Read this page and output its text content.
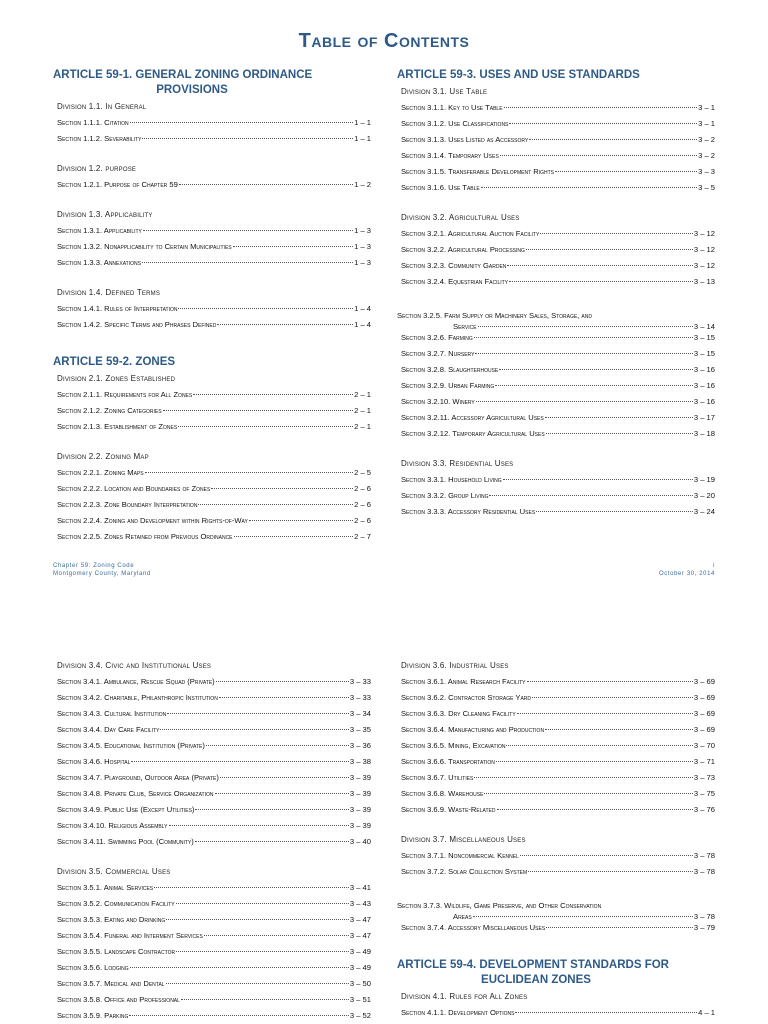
Table of Contents
ARTICLE 59-1. GENERAL ZONING ORDINANCE
PROVISIONS
Division 1.1. In General
Section 1.1.1. Citation	1 – 1
Section 1.1.2. Severability	1 – 1
Division 1.2. purpose
Section 1.2.1. Purpose of Chapter 59	1 – 2
Division 1.3. Applicability
Section 1.3.1. Applicability	1 – 3
Section 1.3.2. Nonapplicability to Certain Municipalities	1 – 3
Section 1.3.3. Annexations	1 – 3
Division 1.4. Defined Terms
Section 1.4.1. Rules of Interpretation	1 – 4
Section 1.4.2. Specific Terms and Phrases Defined	1 – 4
ARTICLE 59-2. ZONES
Division 2.1. Zones Established
Section 2.1.1. Requirements for All Zones	2 – 1
Section 2.1.2. Zoning Categories	2 – 1
Section 2.1.3. Establishment of Zones	2 – 1
Division 2.2. Zoning Map
Section 2.2.1. Zoning Maps	2 – 5
Section 2.2.2. Location and Boundaries of Zones	2 – 6
Section 2.2.3. Zone Boundary Interpretation	2 – 6
Section 2.2.4. Zoning and Development within Rights-of-Way	2 – 6
Section 2.2.5. Zones Retained from Previous Ordinance	2 – 7
ARTICLE 59-3. USES AND USE STANDARDS
Division 3.1. Use Table
Section 3.1.1. Key to Use Table	3 – 1
Section 3.1.2. Use Classifications	3 – 1
Section 3.1.3. Uses Listed as Accessory	3 – 2
Section 3.1.4. Temporary Uses	3 – 2
Section 3.1.5. Transferable Development Rights	3 – 3
Section 3.1.6. Use Table	3 – 5
Division 3.2. Agricultural Uses
Section 3.2.1. Agricultural Auction Facility	3 – 12
Section 3.2.2. Agricultural Processing	3 – 12
Section 3.2.3. Community Garden	3 – 12
Section 3.2.4. Equestrian Facility	3 – 13
Section 3.2.5. Farm Supply or Machinery Sales, Storage, and
Service	3 – 14
Section 3.2.6. Farming	3 – 15
Section 3.2.7. Nursery	3 – 15
Section 3.2.8. Slaughterhouse	3 – 16
Section 3.2.9. Urban Farming	3 – 16
Section 3.2.10. Winery	3 – 16
Section 3.2.11. Accessory Agricultural Uses	3 – 17
Section 3.2.12. Temporary Agricultural Uses	3 – 18
Division 3.3. Residential Uses
Section 3.3.1. Household Living	3 – 19
Section 3.3.2. Group Living	3 – 20
Section 3.3.3. Accessory Residential Uses	3 – 24
Chapter 59: Zoning Code
Montgomery County, Maryland
i
October 30, 2014
Division 3.4. Civic and Institutional Uses
Section 3.4.1. Ambulance, Rescue Squad (Private)	3 – 33
Section 3.4.2. Charitable, Philanthropic Institution	3 – 33
Section 3.4.3. Cultural Institution	3 – 34
Section 3.4.4. Day Care Facility	3 – 35
Section 3.4.5. Educational Institution (Private)	3 – 36
Section 3.4.6. Hospital	3 – 38
Section 3.4.7. Playground, Outdoor Area (Private)	3 – 39
Section 3.4.8. Private Club, Service Organization	3 – 39
Section 3.4.9. Public Use (Except Utilities)	3 – 39
Section 3.4.10. Religious Assembly	3 – 39
Section 3.4.11. Swimming Pool (Community)	3 – 40
Division 3.5. Commercial Uses
Section 3.5.1. Animal Services	3 – 41
Section 3.5.2. Communication Facility	3 – 43
Section 3.5.3. Eating and Drinking	3 – 47
Section 3.5.4. Funeral and Interment Services	3 – 47
Section 3.5.5. Landscape Contractor	3 – 49
Section 3.5.6. Lodging	3 – 49
Section 3.5.7. Medical and Dental	3 – 50
Section 3.5.8. Office and Professional	3 – 51
Section 3.5.9. Parking	3 – 52
Division 3.6. Industrial Uses
Section 3.6.1. Animal Research Facility	3 – 69
Section 3.6.2. Contractor Storage Yard	3 – 69
Section 3.6.3. Dry Cleaning Facility	3 – 69
Section 3.6.4. Manufacturing and Production	3 – 69
Section 3.6.5. Mining, Excavation	3 – 70
Section 3.6.6. Transportation	3 – 71
Section 3.6.7. Utilities	3 – 73
Section 3.6.8. Warehouse	3 – 75
Section 3.6.9. Waste-Related	3 – 76
Division 3.7. Miscellaneous Uses
Section 3.7.1. Noncommercial Kennel	3 – 78
Section 3.7.2. Solar Collection System	3 – 78
Section 3.7.3. Wildlife, Game Preserve, and Other Conservation
Areas	3 – 78
Section 3.7.4. Accessory Miscellaneous Uses	3 – 79
ARTICLE 59-4. DEVELOPMENT STANDARDS FOR
EUCLIDEAN ZONES
Division 4.1. Rules for All Zones
Section 4.1.1. Development Options	4 – 1
